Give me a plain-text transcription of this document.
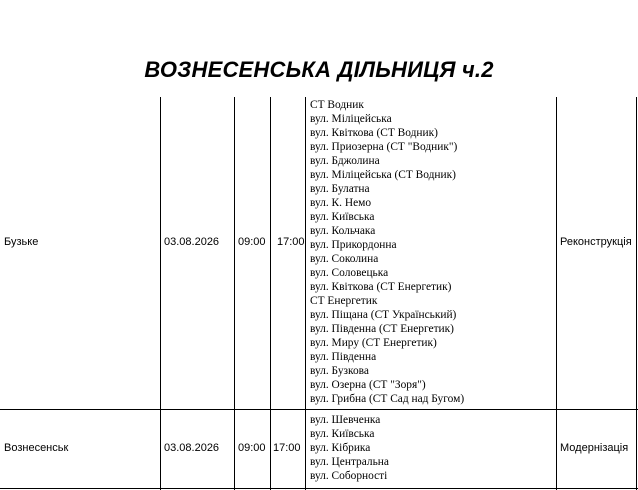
ВОЗНЕСЕНСЬКА ДІЛЬНИЦЯ ч.2
Бузьке	03.08.2026 09:00 17:00
СТ Водник
вул. Міліцейська
вул. Квіткова (СТ Водник)
вул. Приозерна (СТ "Водник")
вул. Бджолина
вул. Міліцейська (СТ Водник)
вул. Булатна
вул. К. Немо
вул. Київська
вул. Кольчака
вул. Прикордонна
вул. Соколина
вул. Соловецька
вул. Квіткова (СТ Енергетик)
СТ Енергетик
вул. Піщана (СТ Український)
вул. Південна (СТ Енергетик)
вул. Миру (СТ Енергетик)
вул. Південна
вул. Бузкова
вул. Озерна (СТ "Зоря")
вул. Грибна (СТ Сад над Бугом)
Реконструкція
Вознесенськ	03.08.2026 09:00 17:00
вул. Шевченка
вул. Київська
вул. Кібрика
вул. Центральна
вул. Соборності
Модернізація
